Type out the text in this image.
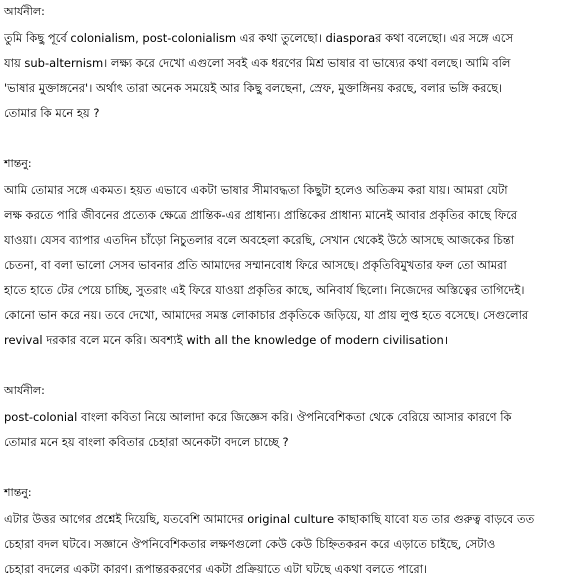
আর্যনীল:

তুমি কিছু পূর্বে colonialism, post-colonialism এর কথা তুলেছো। diasporaর কথা বলেছো। এর সঙ্গে এসে
যায় sub-alternism। লক্ষ্য করে দেখো এগুলো সবই এক ধরণের মিশ্র ভাষার বা ভাষ্যের কথা বলছে। আমি বলি
'ভাষার মুক্তাঙ্গনের'। অর্থাৎ তারা অনেক সময়েই আর কিছু বলছেনা, স্রেফ, মুক্তাঙ্গিনয় করছে, বলার ভঙ্গি করছে।
তোমার কি মনে হয় ?

শান্তনু:

আমি তোমার সঙ্গে একমত। হয়ত এভাবে একটা ভাষার সীমাবদ্ধতা কিছুটা হলেও অতিক্রম করা যায়। আমরা যেটা
লক্ষ করতে পারি জীবনের প্রত্যেক ক্ষেত্রে প্রান্তিক-এর প্রাধান্য। প্রান্তিকের প্রাধান্য মানেই আবার প্রকৃতির কাছে ফিরে
যাওয়া। যেসব ব্যাপার এতদিন চাঁড়ো নিচুতলার বলে অবহেলা করেছি, সেখান থেকেই উঠে আসছে আজকের চিন্তা
চেতনা, বা বলা ভালো সেসব ভাবনার প্রতি আমাদের সম্মানবোধ ফিরে আসছে। প্রকৃতিবিমুখতার ফল তো আমরা
হাতে হাতে টের পেয়ে চাচ্ছি, সুতরাং এই ফিরে যাওয়া প্রকৃতির কাছে, অনিবার্য ছিলো। নিজেদের অস্তিত্বের তাগিদেই।
কোনো ভান করে নয়। তবে দেখো, আমাদের সমস্ত লোকাচার প্রকৃতিকে জড়িয়ে, যা প্রায় লুপ্ত হতে বসেছে। সেগুলোর
revival দরকার বলে মনে করি। অবশ্যই with all the knowledge of modern civilisation।

আর্যনীল:

post-colonial বাংলা কবিতা নিয়ে আলাদা করে জিজ্ঞেস করি। ঔপনিবেশিকতা থেকে বেরিয়ে আসার কারণে কি
তোমার মনে হয় বাংলা কবিতার চেহারা অনেকটা বদলে চাচ্ছে ?

শান্তনু:

এটার উত্তর আগের প্রশ্নেই দিয়েছি, যতবেশি আমাদের original culture কাছাকাছি যাবো যত তার গুরুত্ব বাড়বে তত
চেহারা বদল ঘটবে। সজ্ঞানে ঔপনিবেশিকতার লক্ষণগুলো কেউ কেউ চিহ্নিতকরন করে এড়াতে চাইছে, সেটাও
চেহারা বদলের একটা কারণ। রূপান্তরকরণের একটা প্রক্রিয়াতে এটা ঘটছে একথা বলতে পারো।
